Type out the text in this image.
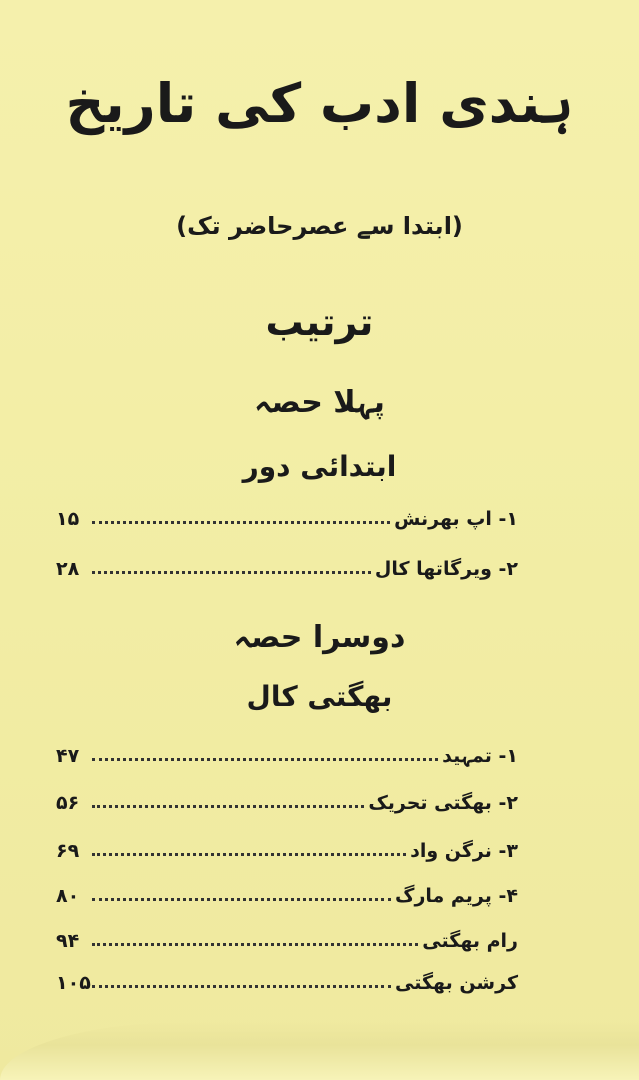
ہندی ادب کی تاریخ
(ابتدا سے عصرحاضر تک)
ترتیب
پہلا حصہ
ابتدائی دور
۱- اپ بھرنش
۱۵
۲- ویرگاتھا کال
۲۸
دوسرا حصہ
بھگتی کال
۱- تمہید
۴۷
۲- بھگتی تحریک
۵۶
۳- نرگن واد
۶۹
۴- پریم مارگ
۸۰
رام بھگتی
۹۴
کرشن بھگتی
۱۰۵
